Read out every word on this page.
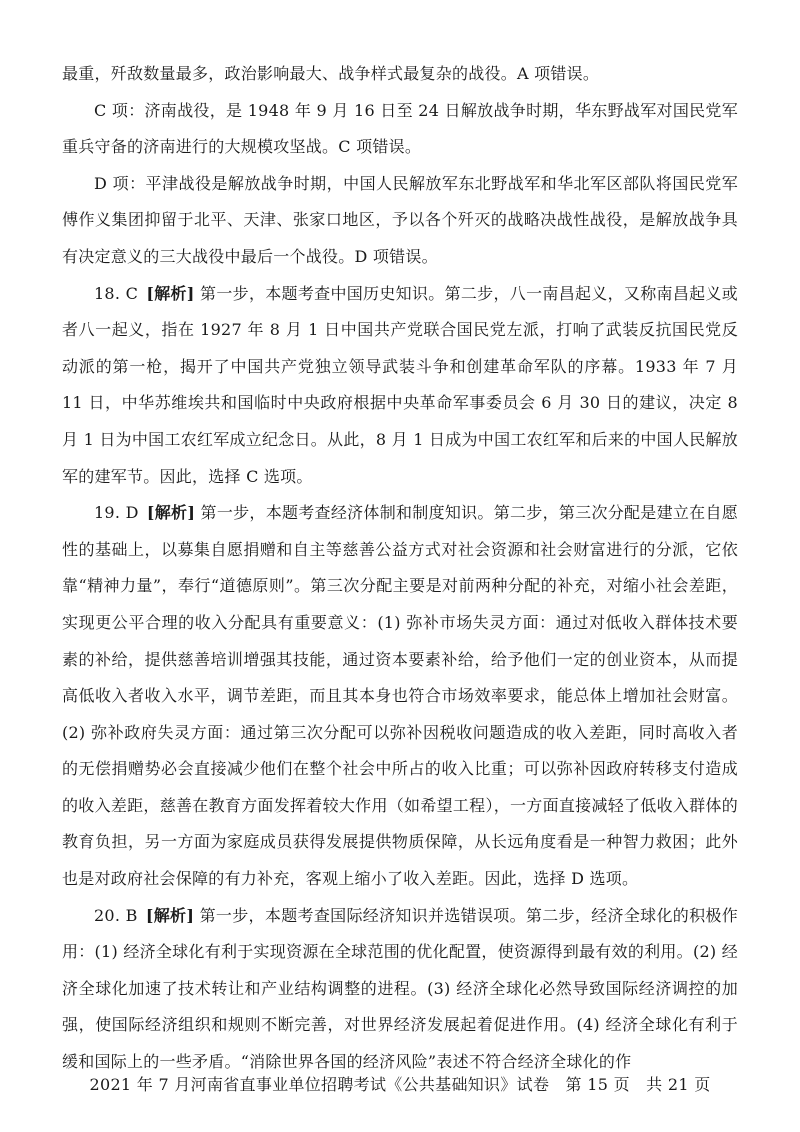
最重，歼敌数量最多，政治影响最大、战争样式最复杂的战役。A 项错误。

C 项：济南战役，是 1948 年 9 月 16 日至 24 日解放战争时期，华东野战军对国民党军重兵守备的济南进行的大规模攻坚战。C 项错误。

D 项：平津战役是解放战争时期，中国人民解放军东北野战军和华北军区部队将国民党军傅作义集团抑留于北平、天津、张家口地区，予以各个歼灭的战略决战性战役，是解放战争具有决定意义的三大战役中最后一个战役。D 项错误。

18. C  [解析] 第一步，本题考查中国历史知识。第二步，八一南昌起义，又称南昌起义或者八一起义，指在 1927 年 8 月 1 日中国共产党联合国民党左派，打响了武装反抗国民党反动派的第一枪，揭开了中国共产党独立领导武装斗争和创建革命军队的序幕。1933 年 7 月 11 日，中华苏维埃共和国临时中央政府根据中央革命军事委员会 6 月 30 日的建议，决定 8 月 1 日为中国工农红军成立纪念日。从此，8 月 1 日成为中国工农红军和后来的中国人民解放军的建军节。因此，选择 C 选项。

19. D  [解析] 第一步，本题考查经济体制和制度知识。第二步，第三次分配是建立在自愿性的基础上，以募集自愿捐赠和自主等慈善公益方式对社会资源和社会财富进行的分派，它依靠“精神力量”，奉行“道德原则”。第三次分配主要是对前两种分配的补充，对缩小社会差距，实现更公平合理的收入分配具有重要意义：(1) 弥补市场失灵方面：通过对低收入群体技术要素的补给，提供慈善培训增强其技能，通过资本要素补给，给予他们一定的创业资本，从而提高低收入者收入水平，调节差距，而且其本身也符合市场效率要求，能总体上增加社会财富。(2) 弥补政府失灵方面：通过第三次分配可以弥补因税收问题造成的收入差距，同时高收入者的无偿捐赠势必会直接减少他们在整个社会中所占的收入比重；可以弥补因政府转移支付造成的收入差距，慈善在教育方面发挥着较大作用（如希望工程），一方面直接减轻了低收入群体的教育负担，另一方面为家庭成员获得发展提供物质保障，从长远角度看是一种智力救困；此外也是对政府社会保障的有力补充，客观上缩小了收入差距。因此，选择 D 选项。

20. B  [解析] 第一步，本题考查国际经济知识并选错误项。第二步，经济全球化的积极作用：(1) 经济全球化有利于实现资源在全球范围的优化配置，使资源得到最有效的利用。(2) 经济全球化加速了技术转让和产业结构调整的进程。(3) 经济全球化必然导致国际经济调控的加强，使国际经济组织和规则不断完善，对世界经济发展起着促进作用。(4) 经济全球化有利于缓和国际上的一些矛盾。“消除世界各国的经济风险”表述不符合经济全球化的作

2021 年 7 月河南省直事业单位招聘考试《公共基础知识》试卷　第 15 页　共 21 页
